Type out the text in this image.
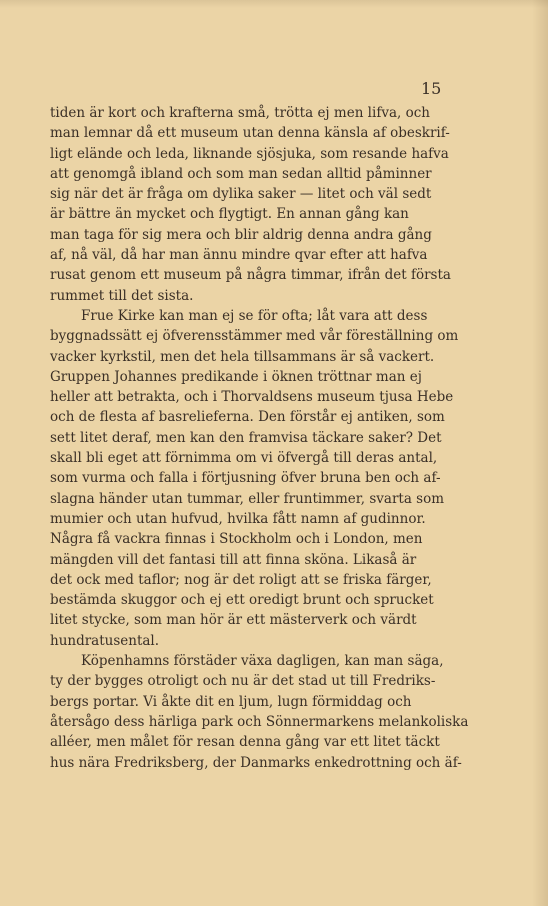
15

tiden är kort och krafterna små, trötta ej men lifva, och
man lemnar då ett museum utan denna känsla af obeskrif-
ligt elände och leda, liknande sjösjuka, som resande hafva
att genomgå ibland och som man sedan alltid påminner
sig när det är fråga om dylika saker — litet och väl sedt
är bättre än mycket och flygtigt. En annan gång kan
man taga för sig mera och blir aldrig denna andra gång
af, nå väl, då har man ännu mindre qvar efter att hafva
rusat genom ett museum på några timmar, ifrån det första
rummet till det sista.

Frue Kirke kan man ej se för ofta; låt vara att dess
byggnadssätt ej öfverensstämmer med vår föreställning om
vacker kyrkstil, men det hela tillsammans är så vackert.
Gruppen Johannes predikande i öknen tröttnar man ej
heller att betrakta, och i Thorvaldsens museum tjusa Hebe
och de flesta af basrelieferna. Den förstår ej antiken, som
sett litet deraf, men kan den framvisa täckare saker? Det
skall bli eget att förnimma om vi öfvergå till deras antal,
som vurma och falla i förtjusning öfver bruna ben och af-
slagna händer utan tummar, eller fruntimmer, svarta som
mumier och utan hufvud, hvilka fått namn af gudinnor.
Några få vackra finnas i Stockholm och i London, men
mängden vill det fantasi till att finna sköna. Likaså är
det ock med taflor; nog är det roligt att se friska färger,
bestämda skuggor och ej ett oredigt brunt och sprucket
litet stycke, som man hör är ett mästerverk och värdt
hundratusental.

Köpenhamns förstäder växa dagligen, kan man säga,
ty der bygges otroligt och nu är det stad ut till Fredriks-
bergs portar. Vi åkte dit en ljum, lugn förmiddag och
återsågo dess härliga park och Sönnermarkens melankoliska
alléer, men målet för resan denna gång var ett litet täckt
hus nära Fredriksberg, der Danmarks enkedrottning och äf-
